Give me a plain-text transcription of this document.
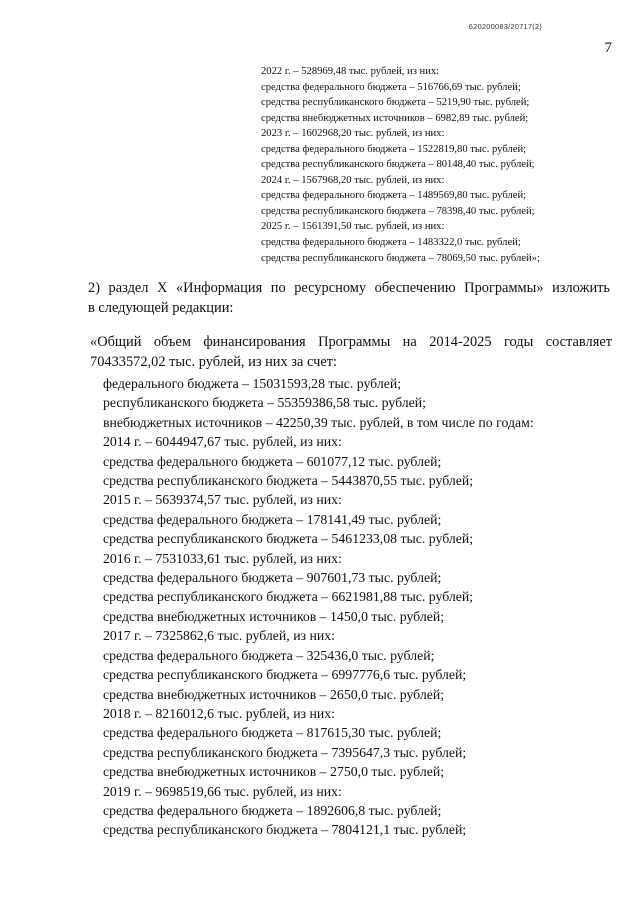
620200083/20717(2)
7
2022 г. – 528969,48 тыс. рублей, из них:
средства федерального бюджета – 516766,69 тыс. рублей;
средства республиканского бюджета – 5219,90 тыс. рублей;
средства внебюджетных источников – 6982,89 тыс. рублей;
2023 г. – 1602968,20 тыс. рублей, из них:
средства федерального бюджета – 1522819,80 тыс. рублей;
средства республиканского бюджета – 80148,40 тыс. рублей;
2024 г. – 1567968,20 тыс. рублей, из них:
средства федерального бюджета – 1489569,80 тыс. рублей;
средства республиканского бюджета – 78398,40 тыс. рублей;
2025 г. – 1561391,50 тыс. рублей, из них:
средства федерального бюджета – 1483322,0 тыс. рублей;
средства республиканского бюджета – 78069,50 тыс. рублей»;
2) раздел X «Информация по ресурсному обеспечению Программы» изложить
в следующей редакции:
«Общий объем финансирования Программы на 2014-2025 годы составляет
70433572,02 тыс. рублей, из них за счет:
федерального бюджета – 15031593,28 тыс. рублей;
республиканского бюджета – 55359386,58 тыс. рублей;
внебюджетных источников – 42250,39 тыс. рублей, в том числе по годам:
2014 г. – 6044947,67 тыс. рублей, из них:
средства федерального бюджета – 601077,12 тыс. рублей;
средства республиканского бюджета – 5443870,55 тыс. рублей;
2015 г. – 5639374,57 тыс. рублей, из них:
средства федерального бюджета – 178141,49 тыс. рублей;
средства республиканского бюджета – 5461233,08 тыс. рублей;
2016 г. – 7531033,61 тыс. рублей, из них:
средства федерального бюджета – 907601,73 тыс. рублей;
средства республиканского бюджета – 6621981,88 тыс. рублей;
средства внебюджетных источников – 1450,0 тыс. рублей;
2017 г. – 7325862,6 тыс. рублей, из них:
средства федерального бюджета – 325436,0 тыс. рублей;
средства республиканского бюджета – 6997776,6 тыс. рублей;
средства внебюджетных источников – 2650,0 тыс. рублей;
2018 г. – 8216012,6 тыс. рублей, из них:
средства федерального бюджета – 817615,30 тыс. рублей;
средства республиканского бюджета – 7395647,3 тыс. рублей;
средства внебюджетных источников – 2750,0 тыс. рублей;
2019 г. – 9698519,66 тыс. рублей, из них:
средства федерального бюджета – 1892606,8 тыс. рублей;
средства республиканского бюджета – 7804121,1 тыс. рублей;
